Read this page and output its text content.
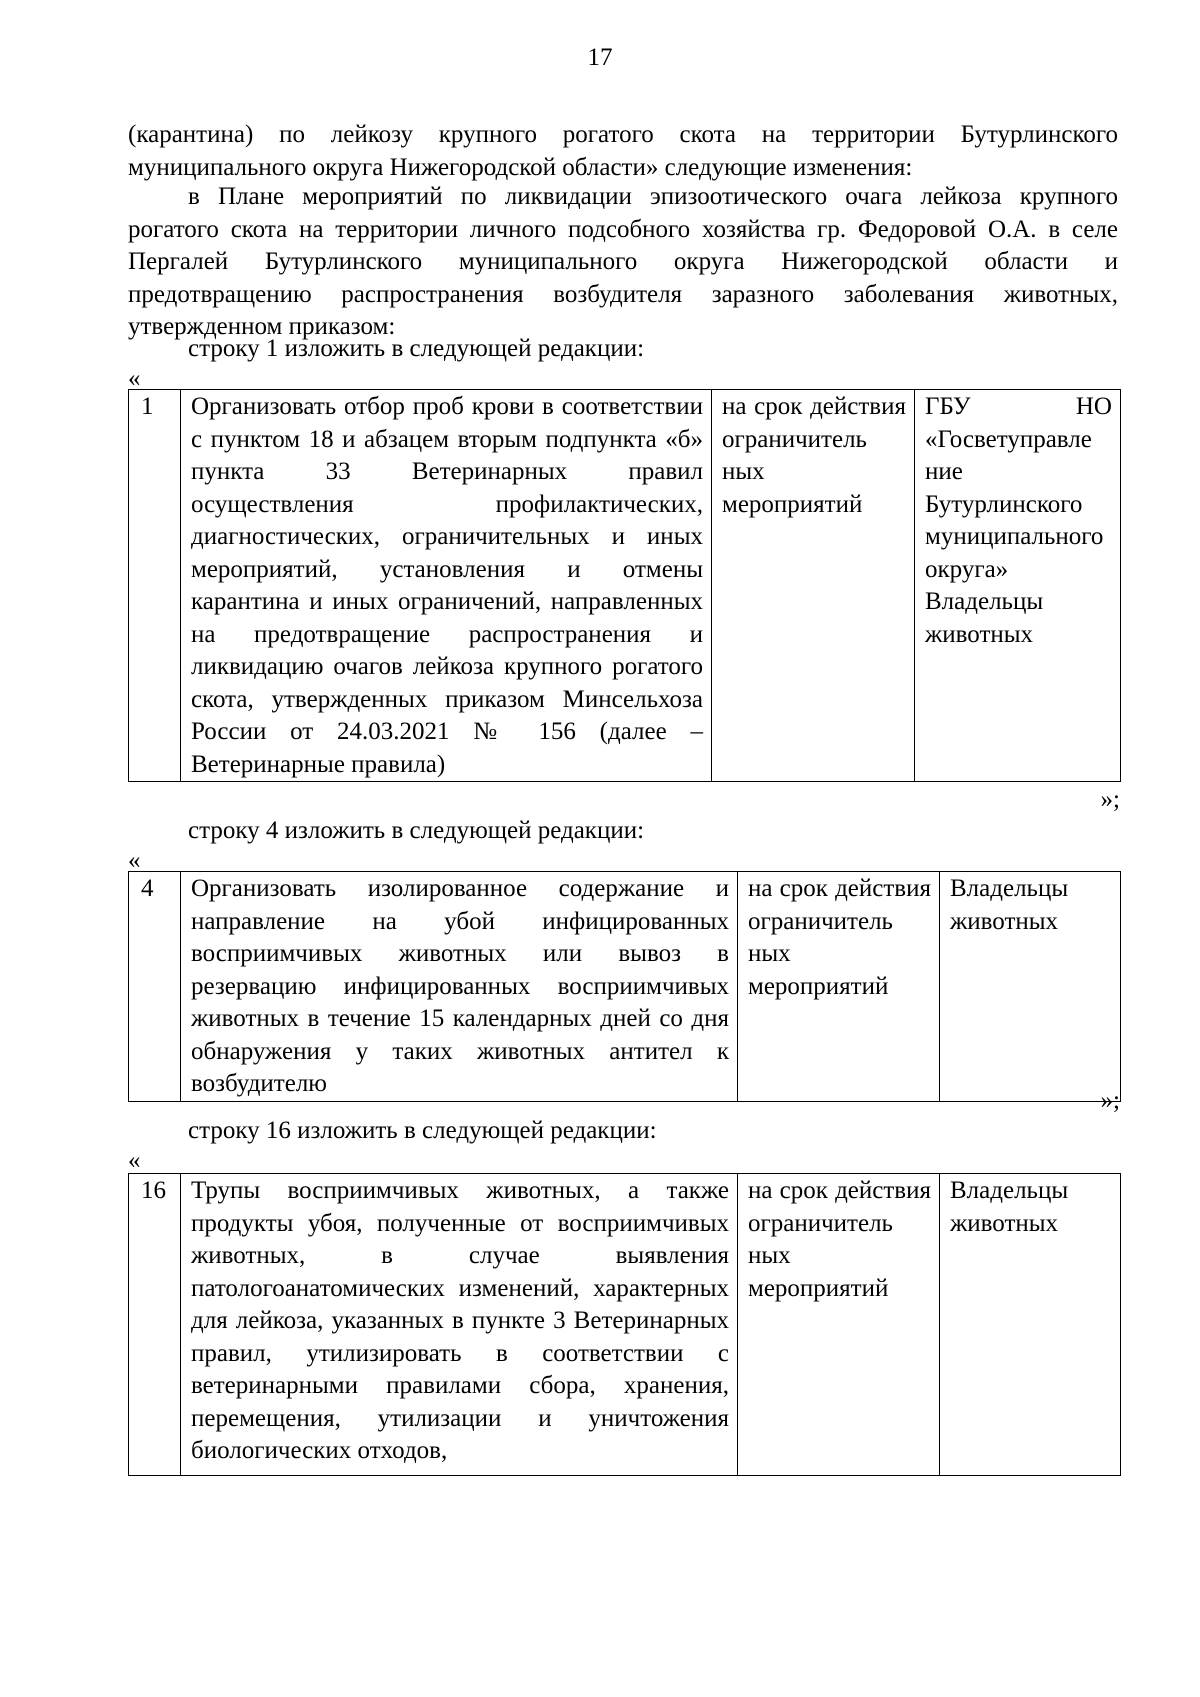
17
(карантина) по лейкозу крупного рогатого скота на территории Бутурлинского муниципального округа Нижегородской области» следующие изменения:
в Плане мероприятий по ликвидации эпизоотического очага лейкоза крупного рогатого скота на территории личного подсобного хозяйства гр. Федоровой О.А. в селе Пергалей Бутурлинского муниципального округа Нижегородской области и предотвращению распространения возбудителя заразного заболевания животных, утвержденном приказом:
строку 1 изложить в следующей редакции:
«
1	Организовать отбор проб крови в соответствии с пунктом 18 и абзацем вторым подпункта «б» пункта 33 Ветеринарных правил осуществления профилактических, диагностических, ограничительных и иных мероприятий, установления и отмены карантина и иных ограничений, направленных на предотвращение распространения и ликвидацию очагов лейкоза крупного рогатого скота, утвержденных приказом Минсельхоза России от 24.03.2021 № 156 (далее – Ветеринарные правила)	на срок действия ограничитель ных мероприятий	ГБУ НО «Госветуправле ние Бутурлинского муниципального округа» Владельцы животных
»;
строку 4 изложить в следующей редакции:
«
4	Организовать изолированное содержание и направление на убой инфицированных восприимчивых животных или вывоз в резервацию инфицированных восприимчивых животных в течение 15 календарных дней со дня обнаружения у таких животных антител к возбудителю	на срок действия ограничитель ных мероприятий	Владельцы животных
»;
строку 16 изложить в следующей редакции:
«
16	Трупы восприимчивых животных, а также продукты убоя, полученные от восприимчивых животных, в случае выявления патологоанатомических изменений, характерных для лейкоза, указанных в пункте 3 Ветеринарных правил, утилизировать в соответствии с ветеринарными правилами сбора, хранения, перемещения, утилизации и уничтожения биологических отходов,	на срок действия ограничитель ных мероприятий	Владельцы животных
